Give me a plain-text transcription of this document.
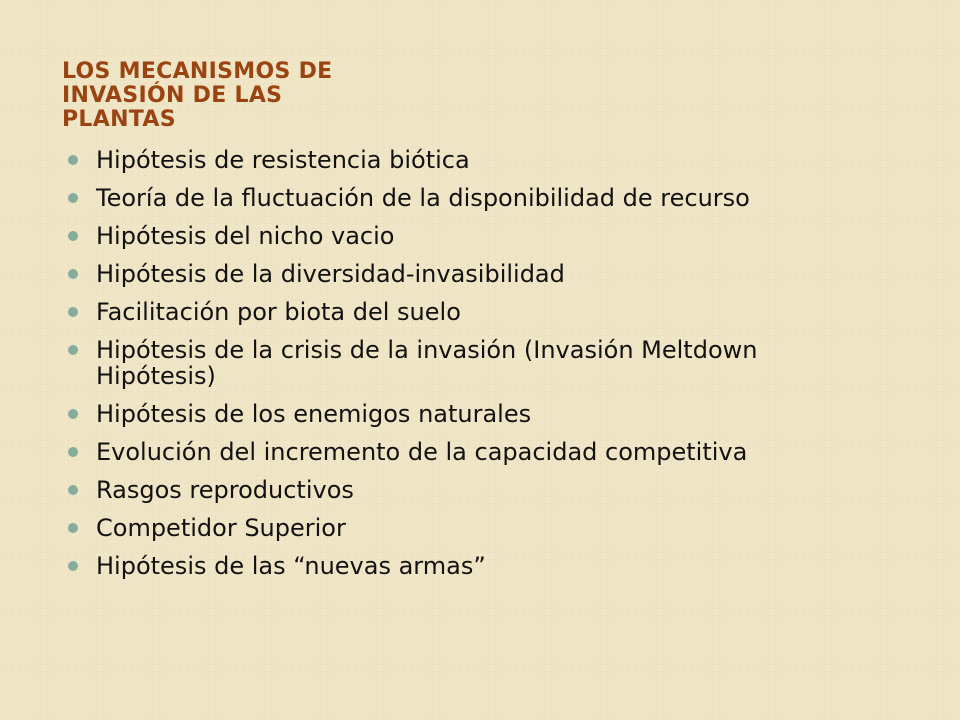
LOS MECANISMOS DE
INVASIÓN DE LAS
PLANTAS
Hipótesis de resistencia biótica
Teoría de la fluctuación de la disponibilidad de recurso
Hipótesis del nicho vacio
Hipótesis de la diversidad-invasibilidad
Facilitación por biota del suelo
Hipótesis de la crisis de la invasión (Invasión Meltdown
Hipótesis)
Hipótesis de los enemigos naturales
Evolución del incremento de la capacidad competitiva
Rasgos reproductivos
Competidor Superior
Hipótesis de las “nuevas armas”
